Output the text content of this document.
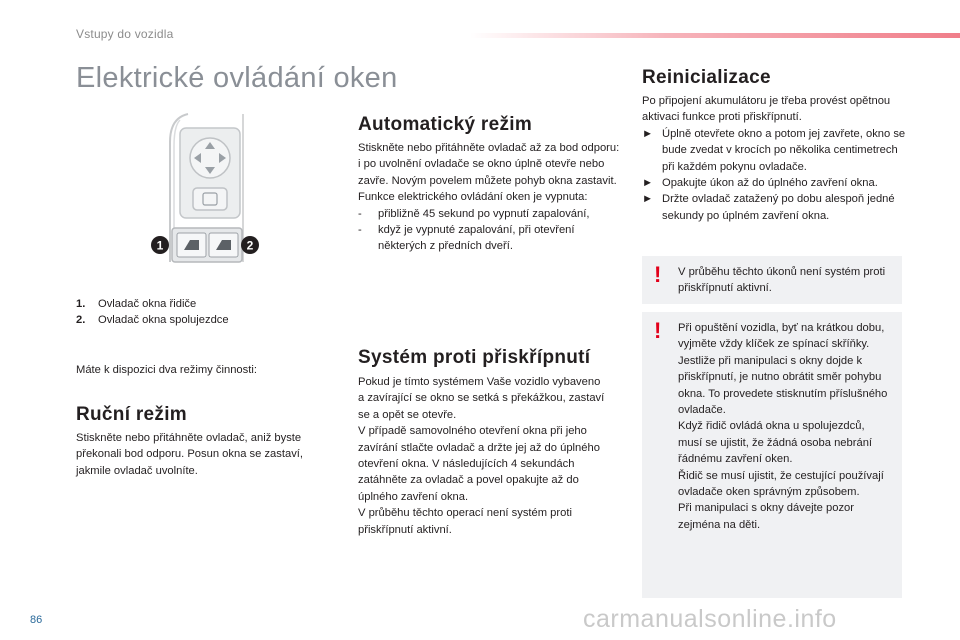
Vstupy do vozidla
Elektrické ovládání oken
1	2
1. Ovladač okna řidiče
2. Ovladač okna spolujezdce
Máte k dispozici dva režimy činnosti:
Ruční režim
Stiskněte nebo přitáhněte ovladač, aniž byste překonali bod odporu. Posun okna se zastaví, jakmile ovladač uvolníte.
Automatický režim

Stiskněte nebo přitáhněte ovladač až za bod odporu: i po uvolnění ovladače se okno úplně otevře nebo zavře. Novým povelem můžete pohyb okna zastavit.

Funkce elektrického ovládání oken je vypnuta:

- přibližně 45 sekund po vypnutí zapalování,
- když je vypnuté zapalování, při otevření některých z předních dveří.
Systém proti přiskřípnutí

Pokud je tímto systémem Vaše vozidlo vybaveno a zavírající se okno se setká s překážkou, zastaví se a opět se otevře.

V případě samovolného otevření okna při jeho zavírání stlačte ovladač a držte jej až do úplného otevření okna. V následujících 4 sekundách zatáhněte za ovladač a povel opakujte až do úplného zavření okna.

V průběhu těchto operací není systém proti přiskřípnutí aktivní.

Reinicializace

Po připojení akumulátoru je třeba provést opětnou aktivaci funkce proti přiskřípnutí.

► Úplně otevřete okno a potom jej zavřete, okno se bude zvedat v krocích po několika centimetrech při každém pokynu ovladače.
► Opakujte úkon až do úplného zavření okna.
► Držte ovladač zatažený po dobu alespoň jedné sekundy po úplném zavření okna.
! V průběhu těchto úkonů není systém proti přiskřípnutí aktivní.

! Při opuštění vozidla, byť na krátkou dobu, vyjměte vždy klíček ze spínací skříňky.

Jestliže při manipulaci s okny dojde k přiskřípnutí, je nutno obrátit směr pohybu okna. To provedete stisknutím příslušného ovladače.

Když řidič ovládá okna u spolujezdců, musí se ujistit, že žádná osoba nebrání řádnému zavření oken.

Řidič se musí ujistit, že cestující používají ovladače oken správným způsobem.

Při manipulaci s okny dávejte pozor zejména na děti.

86	carmanualsonline.info
